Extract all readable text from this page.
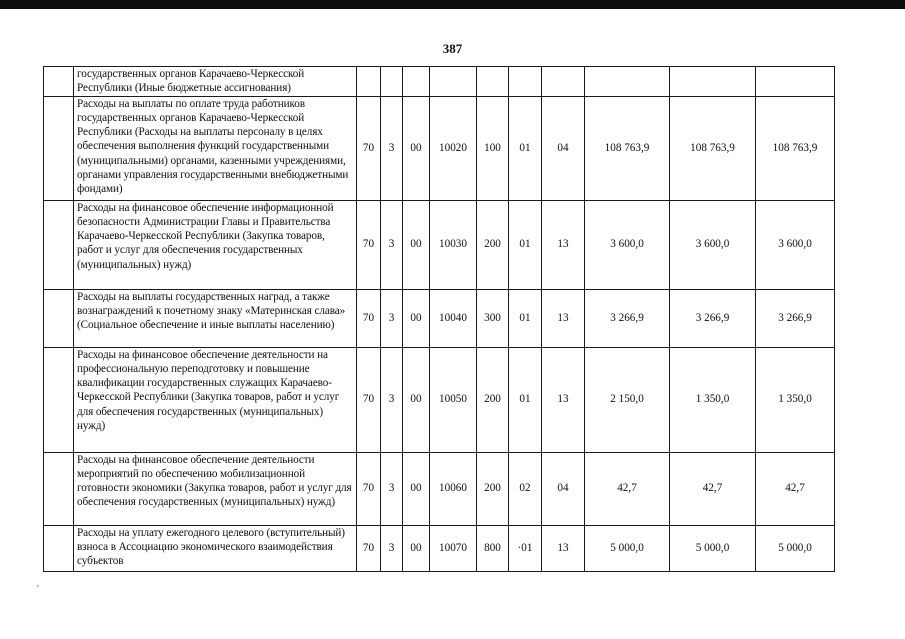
387
'
	государственных органов Карачаево-Черкесской Республики (Иные бюджетные ассигнования)										
	Расходы на выплаты по оплате труда работников государственных органов Карачаево-Черкесской Республики (Расходы на выплаты персоналу в целях обеспечения выполнения функций государственными (муниципальными) органами, казенными учреждениями, органами управления государственными внебюджетными фондами)	70	3	00	10020	100	01	04	108 763,9	108 763,9	108 763,9
	Расходы на финансовое обеспечение информационной безопасности Администрации Главы и Правительства Карачаево-Черкесской Республики (Закупка товаров, работ и услуг для обеспечения государственных (муниципальных) нужд)	70	3	00	10030	200	01	13	3 600,0	3 600,0	3 600,0
	Расходы на выплаты государственных наград, а также вознаграждений к почетному знаку «Материнская слава» (Социальное обеспечение и иные выплаты населению)	70	3	00	10040	300	01	13	3 266,9	3 266,9	3 266,9
	Расходы на финансовое обеспечение деятельности на профессиональную переподготовку и повышение квалификации государственных служащих Карачаево-Черкесской Республики (Закупка товаров, работ и услуг для обеспечения государственных (муниципальных) нужд)	70	3	00	10050	200	01	13	2 150,0	1 350,0	1 350,0
	Расходы на финансовое обеспечение деятельности мероприятий по обеспечению мобилизационной готовности экономики (Закупка товаров, работ и услуг для обеспечения государственных (муниципальных) нужд)	70	3	00	10060	200	02	04	42,7	42,7	42,7
	Расходы на уплату ежегодного целевого (вступительный) взноса в Ассоциацию экономического взаимодействия субъектов	70	3	00	10070	800	·01	13	5 000,0	5 000,0	5 000,0
